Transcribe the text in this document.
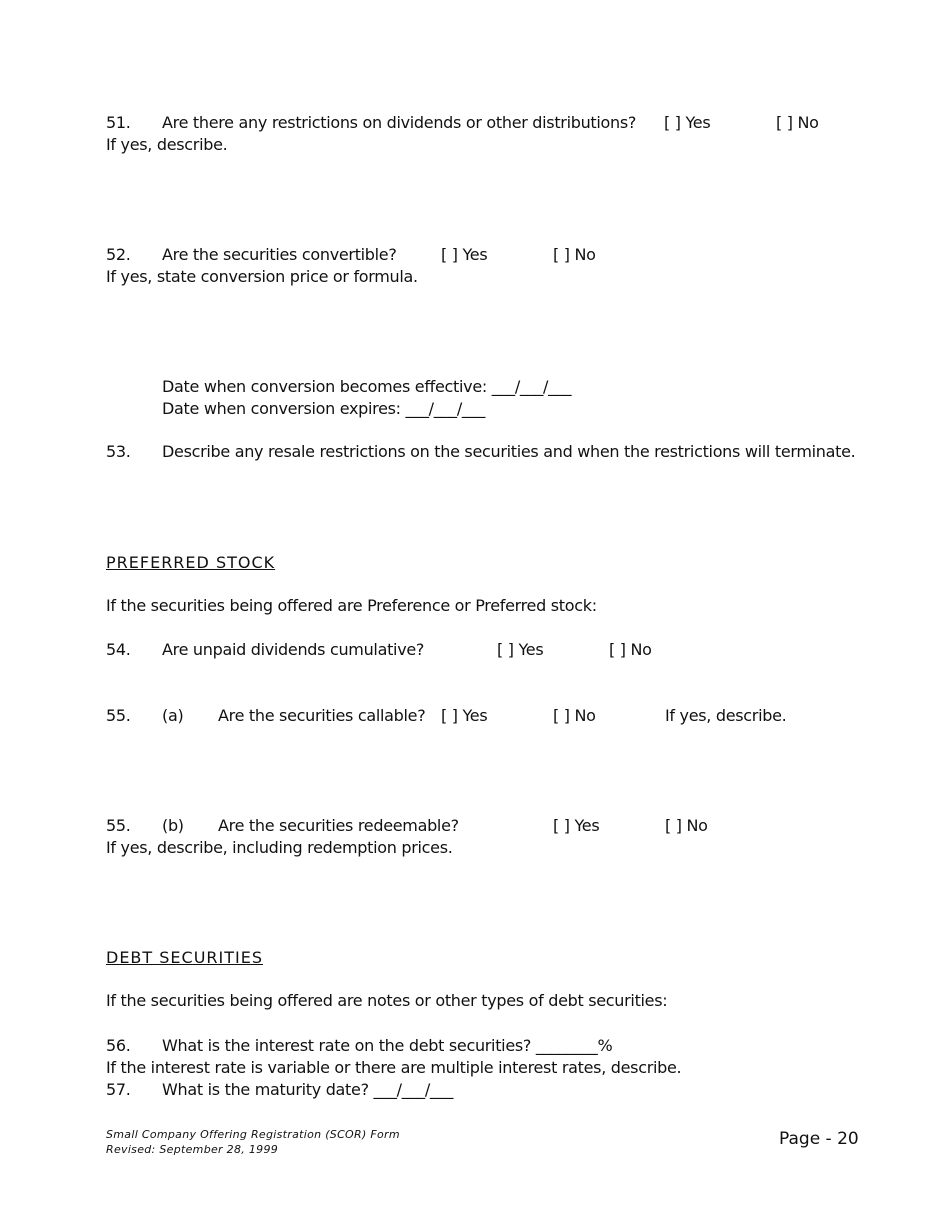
51. Are there any restrictions on dividends or other distributions? [ ] Yes	[ ] No
If yes, describe.
52. Are the securities convertible?	[ ] Yes	[ ] No
If yes, state conversion price or formula.
Date when conversion becomes effective: ___/___/___
Date when conversion expires: ___/___/___
53. Describe any resale restrictions on the securities and when the restrictions will terminate.
PREFERRED STOCK
If the securities being offered are Preference or Preferred stock:
54. Are unpaid dividends cumulative?	[ ] Yes	[ ] No
55. (a) Are the securities callable? [ ] Yes	[ ] No	If yes, describe.
55. (b) Are the securities redeemable?	[ ] Yes	[ ] No
If yes, describe, including redemption prices.
DEBT SECURITIES
If the securities being offered are notes or other types of debt securities:
56. What is the interest rate on the debt securities? ________%
If the interest rate is variable or there are multiple interest rates, describe.
57. What is the maturity date? ___/___/___
Small Company Offering Registration (SCOR) Form
Revised: September 28, 1999
Page - 20
